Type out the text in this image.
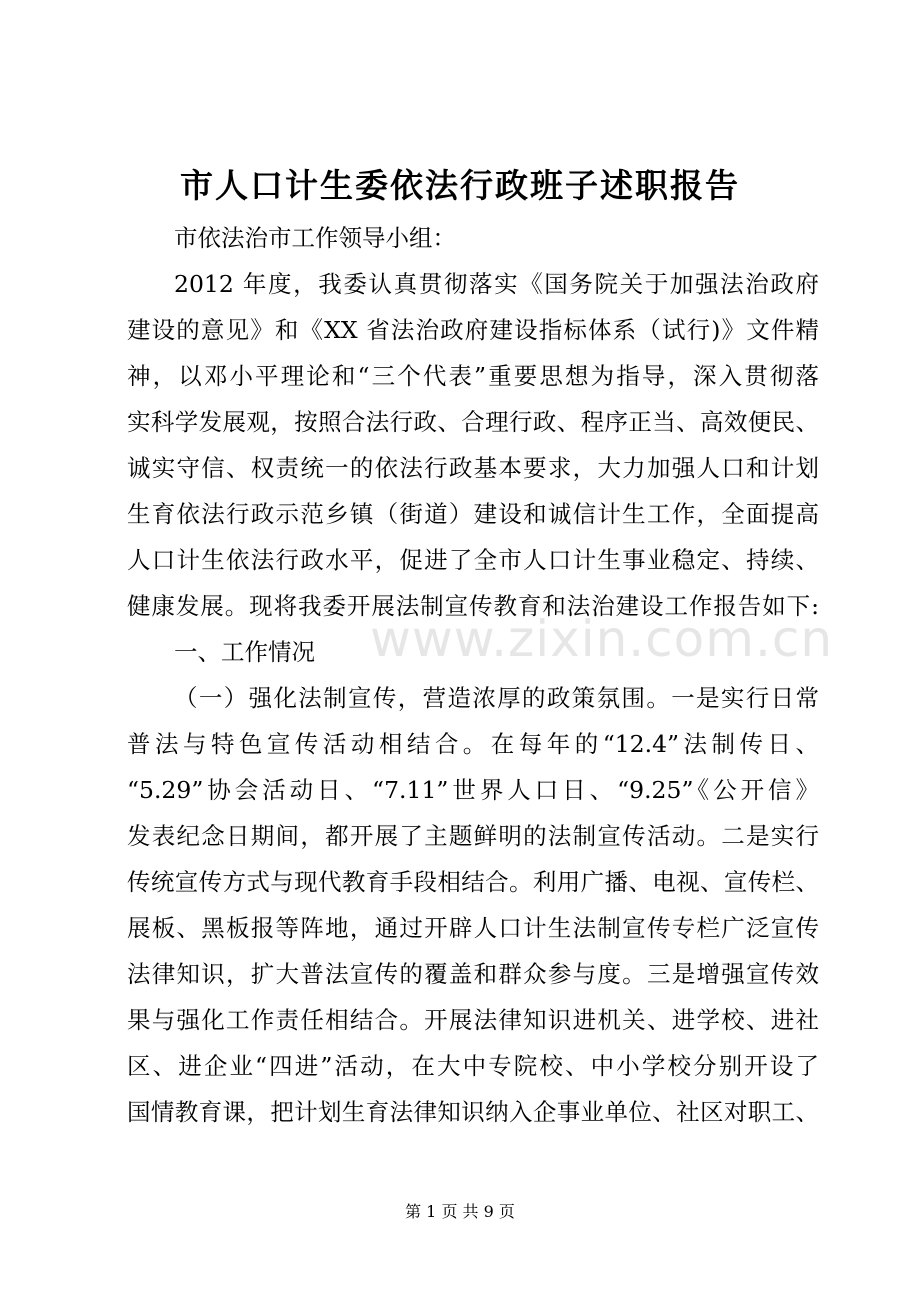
www.zixin.com.cn
市人口计生委依法行政班子述职报告
市依法治市工作领导小组：
2012 年度，我委认真贯彻落实《国务院关于加强法治政府
建设的意见》和《XX 省法治政府建设指标体系（试行)》文件精
神，以邓小平理论和“三个代表”重要思想为指导，深入贯彻落
实科学发展观，按照合法行政、合理行政、程序正当、高效便民、
诚实守信、权责统一的依法行政基本要求，大力加强人口和计划
生育依法行政示范乡镇（街道）建设和诚信计生工作，全面提高
人口计生依法行政水平，促进了全市人口计生事业稳定、持续、
健康发展。现将我委开展法制宣传教育和法治建设工作报告如下:
一、工作情况
（一）强化法制宣传，营造浓厚的政策氛围。一是实行日常
普法与特色宣传活动相结合。在每年的“12.4”法制传日、
“5.29”协会活动日、“7.11”世界人口日、“9.25”《公开信》
发表纪念日期间，都开展了主题鲜明的法制宣传活动。二是实行
传统宣传方式与现代教育手段相结合。利用广播、电视、宣传栏、
展板、黑板报等阵地，通过开辟人口计生法制宣传专栏广泛宣传
法律知识，扩大普法宣传的覆盖和群众参与度。三是增强宣传效
果与强化工作责任相结合。开展法律知识进机关、进学校、进社
区、进企业“四进”活动，在大中专院校、中小学校分别开设了
国情教育课，把计划生育法律知识纳入企事业单位、社区对职工、
第 1 页 共 9 页
